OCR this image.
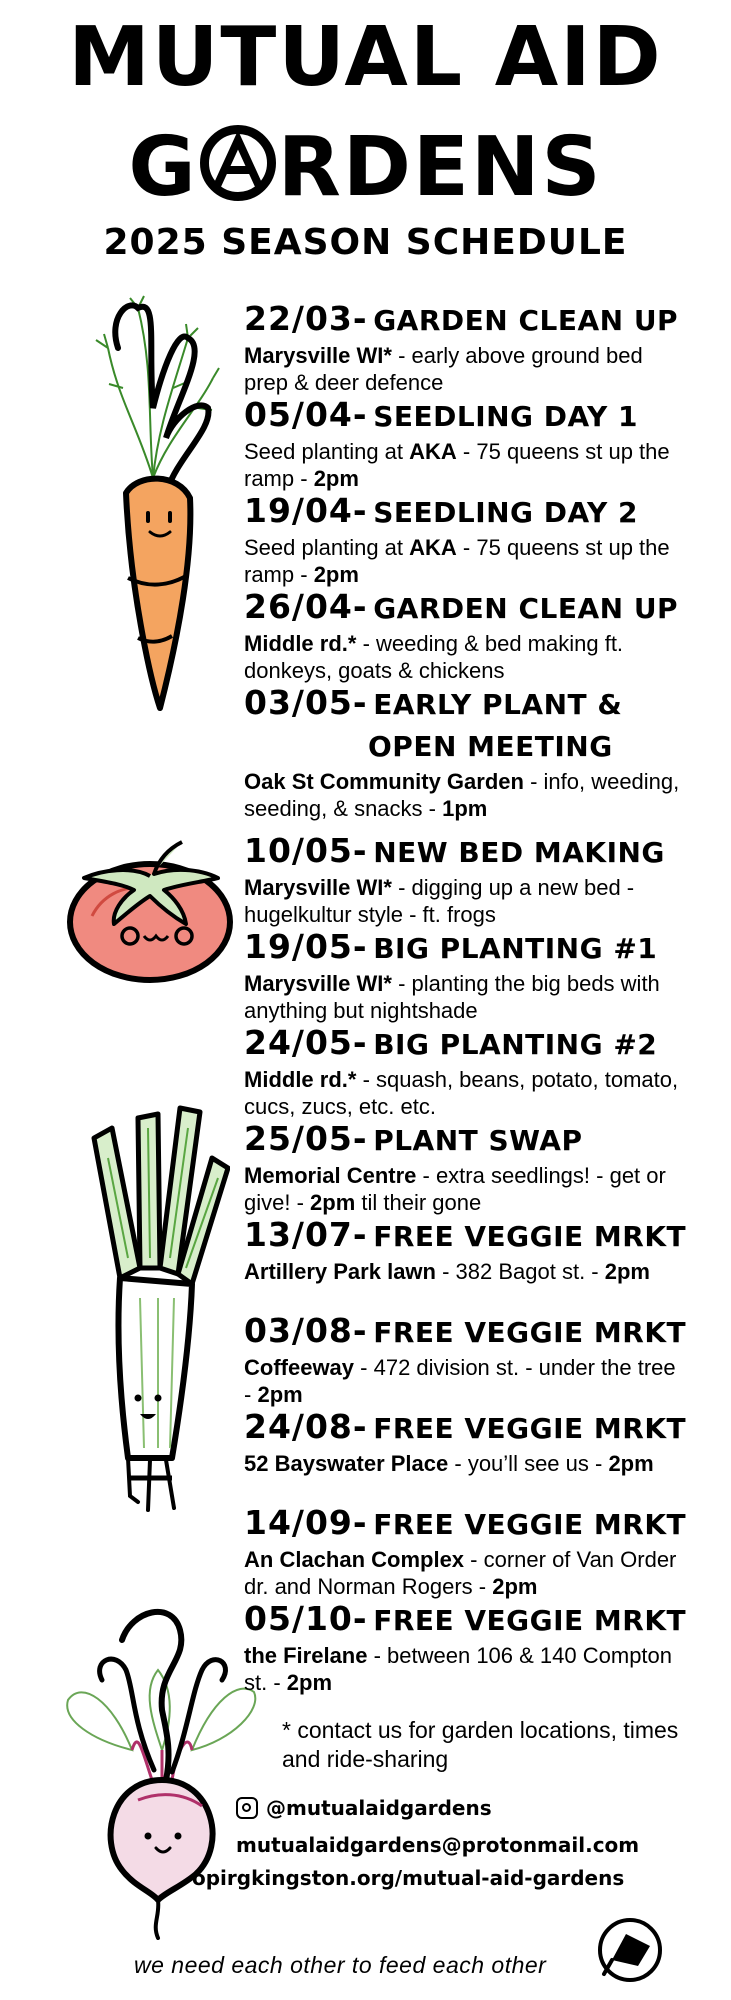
MUTUAL AID
G RDENS
2025 SEASON SCHEDULE
22/03- GARDEN CLEAN UP
Marysville WI* - early above ground bed prep & deer defence
05/04- SEEDLING DAY 1
Seed planting at AKA - 75 queens st up the ramp - 2pm
19/04- SEEDLING DAY 2
Seed planting at AKA - 75 queens st up the ramp - 2pm
26/04- GARDEN CLEAN UP
Middle rd.* - weeding & bed making ft. donkeys, goats & chickens
03/05- EARLY PLANT &
OPEN MEETING
Oak St Community Garden - info, weeding, seeding, & snacks - 1pm
10/05- NEW BED MAKING
Marysville WI* - digging up a new bed - hugelkultur style - ft. frogs
19/05- BIG PLANTING #1
Marysville WI* - planting the big beds with anything but nightshade
24/05- BIG PLANTING #2
Middle rd.* - squash, beans, potato, tomato, cucs, zucs, etc. etc.
25/05- PLANT SWAP
Memorial Centre - extra seedlings! - get or give! - 2pm til their gone
13/07- FREE VEGGIE MRKT
Artillery Park lawn - 382 Bagot st. - 2pm
03/08- FREE VEGGIE MRKT
Coffeeway - 472 division st. - under the tree - 2pm
24/08- FREE VEGGIE MRKT
52 Bayswater Place - you’ll see us - 2pm
14/09- FREE VEGGIE MRKT
An Clachan Complex - corner of Van Order dr. and Norman Rogers - 2pm
05/10- FREE VEGGIE MRKT
the Firelane - between 106 & 140 Compton st. - 2pm
* contact us for garden locations, times and ride-sharing
@mutualaidgardens
mutualaidgardens@protonmail.com
opirgkingston.org/mutual-aid-gardens
we need each other to feed each other
